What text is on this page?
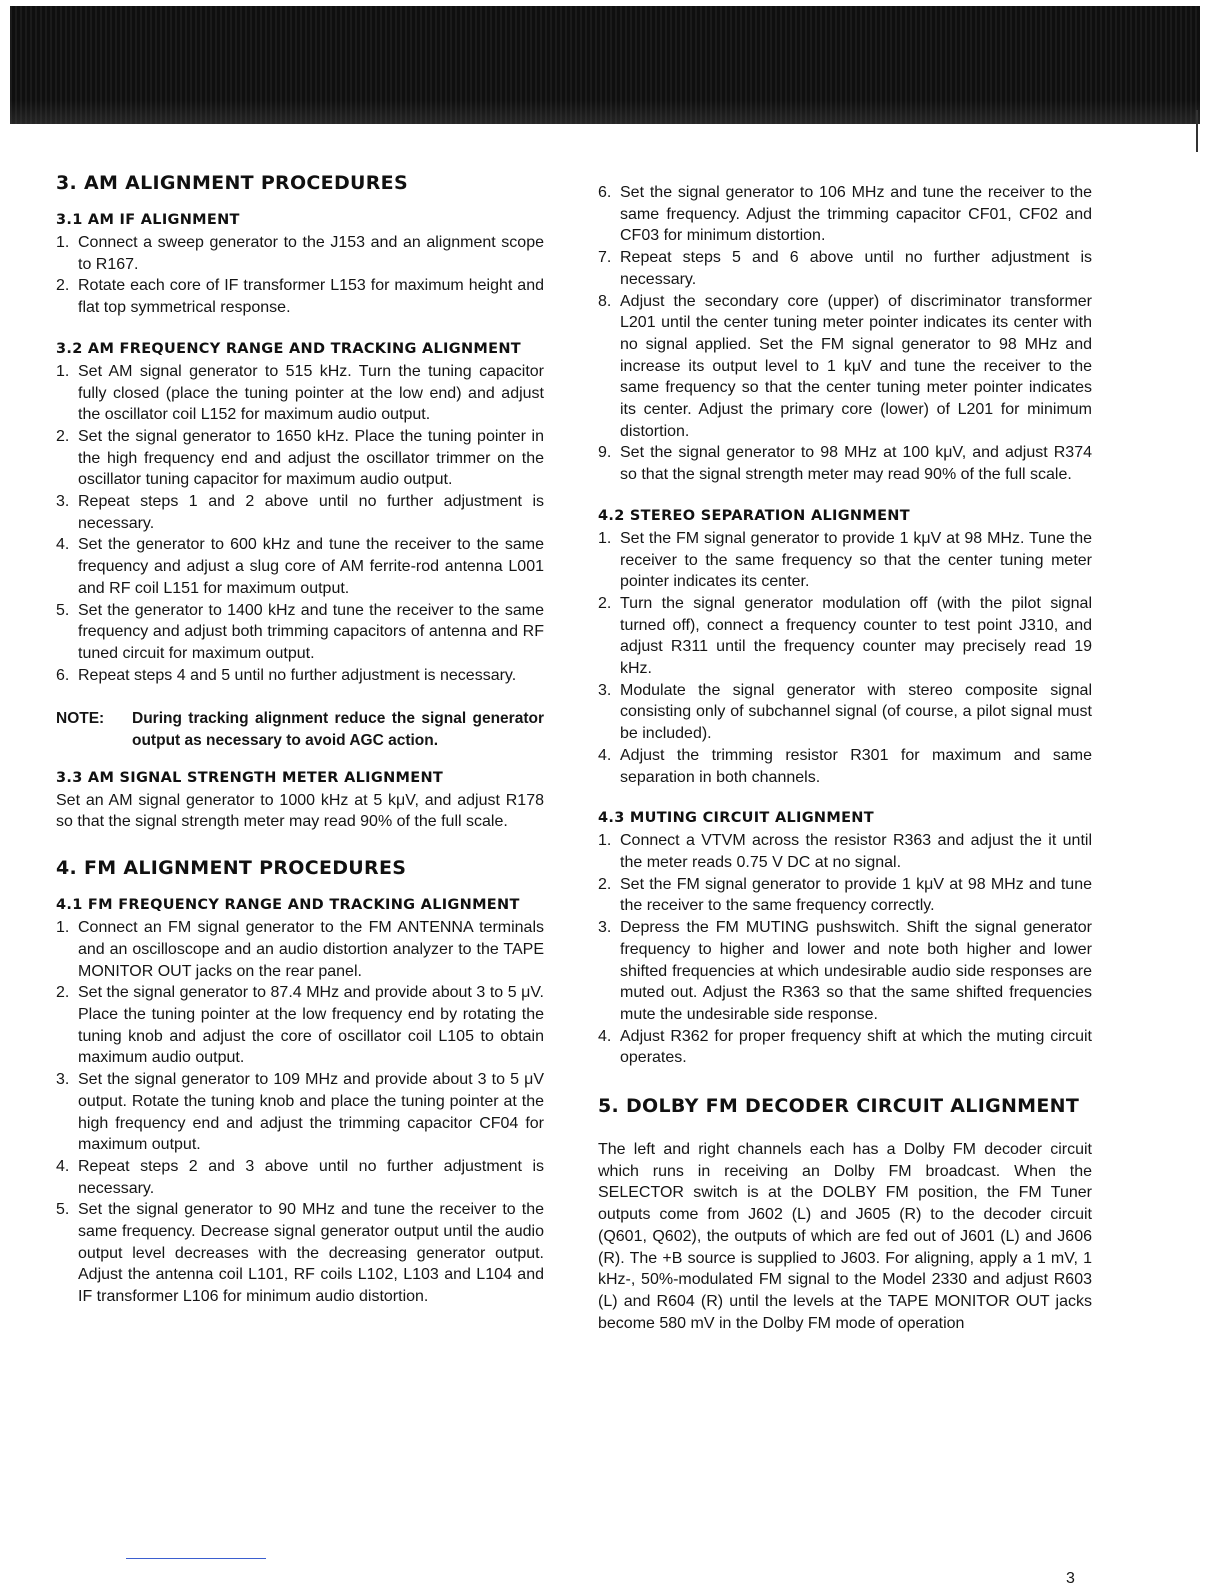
3. AM ALIGNMENT PROCEDURES
3.1 AM IF ALIGNMENT
1. Connect a sweep generator to the J153 and an alignment scope to R167.
2. Rotate each core of IF transformer L153 for maximum height and flat top symmetrical response.
3.2 AM FREQUENCY RANGE AND TRACKING ALIGNMENT
1. Set AM signal generator to 515 kHz. Turn the tuning capacitor fully closed (place the tuning pointer at the low end) and adjust the oscillator coil L152 for maximum audio output.
2. Set the signal generator to 1650 kHz. Place the tuning pointer in the high frequency end and adjust the oscillator trimmer on the oscillator tuning capacitor for maximum audio output.
3. Repeat steps 1 and 2 above until no further adjustment is necessary.
4. Set the generator to 600 kHz and tune the receiver to the same frequency and adjust a slug core of AM ferrite-rod antenna L001 and RF coil L151 for maximum output.
5. Set the generator to 1400 kHz and tune the receiver to the same frequency and adjust both trimming capacitors of antenna and RF tuned circuit for maximum output.
6. Repeat steps 4 and 5 until no further adjustment is necessary.
NOTE: During tracking alignment reduce the signal generator output as necessary to avoid AGC action.
3.3 AM SIGNAL STRENGTH METER ALIGNMENT

Set an AM signal generator to 1000 kHz at 5 kμV, and adjust R178 so that the signal strength meter may read 90% of the full scale.

4. FM ALIGNMENT PROCEDURES
4.1 FM FREQUENCY RANGE AND TRACKING ALIGNMENT
1. Connect an FM signal generator to the FM ANTENNA terminals and an oscilloscope and an audio distortion analyzer to the TAPE MONITOR OUT jacks on the rear panel.
2. Set the signal generator to 87.4 MHz and provide about 3 to 5 μV. Place the tuning pointer at the low frequency end by rotating the tuning knob and adjust the core of oscillator coil L105 to obtain maximum audio output.
3. Set the signal generator to 109 MHz and provide about 3 to 5 μV output. Rotate the tuning knob and place the tuning pointer at the high frequency end and adjust the trimming capacitor CF04 for maximum output.
4. Repeat steps 2 and 3 above until no further adjustment is necessary.
5. Set the signal generator to 90 MHz and tune the receiver to the same frequency. Decrease signal generator output until the audio output level decreases with the decreasing generator output. Adjust the antenna coil L101, RF coils L102, L103 and L104 and IF transformer L106 for minimum audio distortion.
6. Set the signal generator to 106 MHz and tune the receiver to the same frequency. Adjust the trimming capacitor CF01, CF02 and CF03 for minimum distortion.
7. Repeat steps 5 and 6 above until no further adjustment is necessary.
8. Adjust the secondary core (upper) of discriminator transformer L201 until the center tuning meter pointer indicates its center with no signal applied. Set the FM signal generator to 98 MHz and increase its output level to 1 kμV and tune the receiver to the same frequency so that the center tuning meter pointer indicates its center. Adjust the primary core (lower) of L201 for minimum distortion.
9. Set the signal generator to 98 MHz at 100 kμV, and adjust R374 so that the signal strength meter may read 90% of the full scale.
4.2 STEREO SEPARATION ALIGNMENT
1. Set the FM signal generator to provide 1 kμV at 98 MHz. Tune the receiver to the same frequency so that the center tuning meter pointer indicates its center.
2. Turn the signal generator modulation off (with the pilot signal turned off), connect a frequency counter to test point J310, and adjust R311 until the frequency counter may precisely read 19 kHz.
3. Modulate the signal generator with stereo composite signal consisting only of subchannel signal (of course, a pilot signal must be included).
4. Adjust the trimming resistor R301 for maximum and same separation in both channels.
4.3 MUTING CIRCUIT ALIGNMENT
1. Connect a VTVM across the resistor R363 and adjust the it until the meter reads 0.75 V DC at no signal.
2. Set the FM signal generator to provide 1 kμV at 98 MHz and tune the receiver to the same frequency correctly.
3. Depress the FM MUTING pushswitch. Shift the signal generator frequency to higher and lower and note both higher and lower shifted frequencies at which undesirable audio side responses are muted out. Adjust the R363 so that the same shifted frequencies mute the undesirable side response.
4. Adjust R362 for proper frequency shift at which the muting circuit operates.
5. DOLBY FM DECODER CIRCUIT ALIGNMENT

The left and right channels each has a Dolby FM decoder circuit which runs in receiving an Dolby FM broadcast. When the SELECTOR switch is at the DOLBY FM position, the FM Tuner outputs come from J602 (L) and J605 (R) to the decoder circuit (Q601, Q602), the outputs of which are fed out of J601 (L) and J606 (R). The +B source is supplied to J603. For aligning, apply a 1 mV, 1 kHz-, 50%-modulated FM signal to the Model 2330 and adjust R603 (L) and R604 (R) until the levels at the TAPE MONITOR OUT jacks become 580 mV in the Dolby FM mode of operation

3
